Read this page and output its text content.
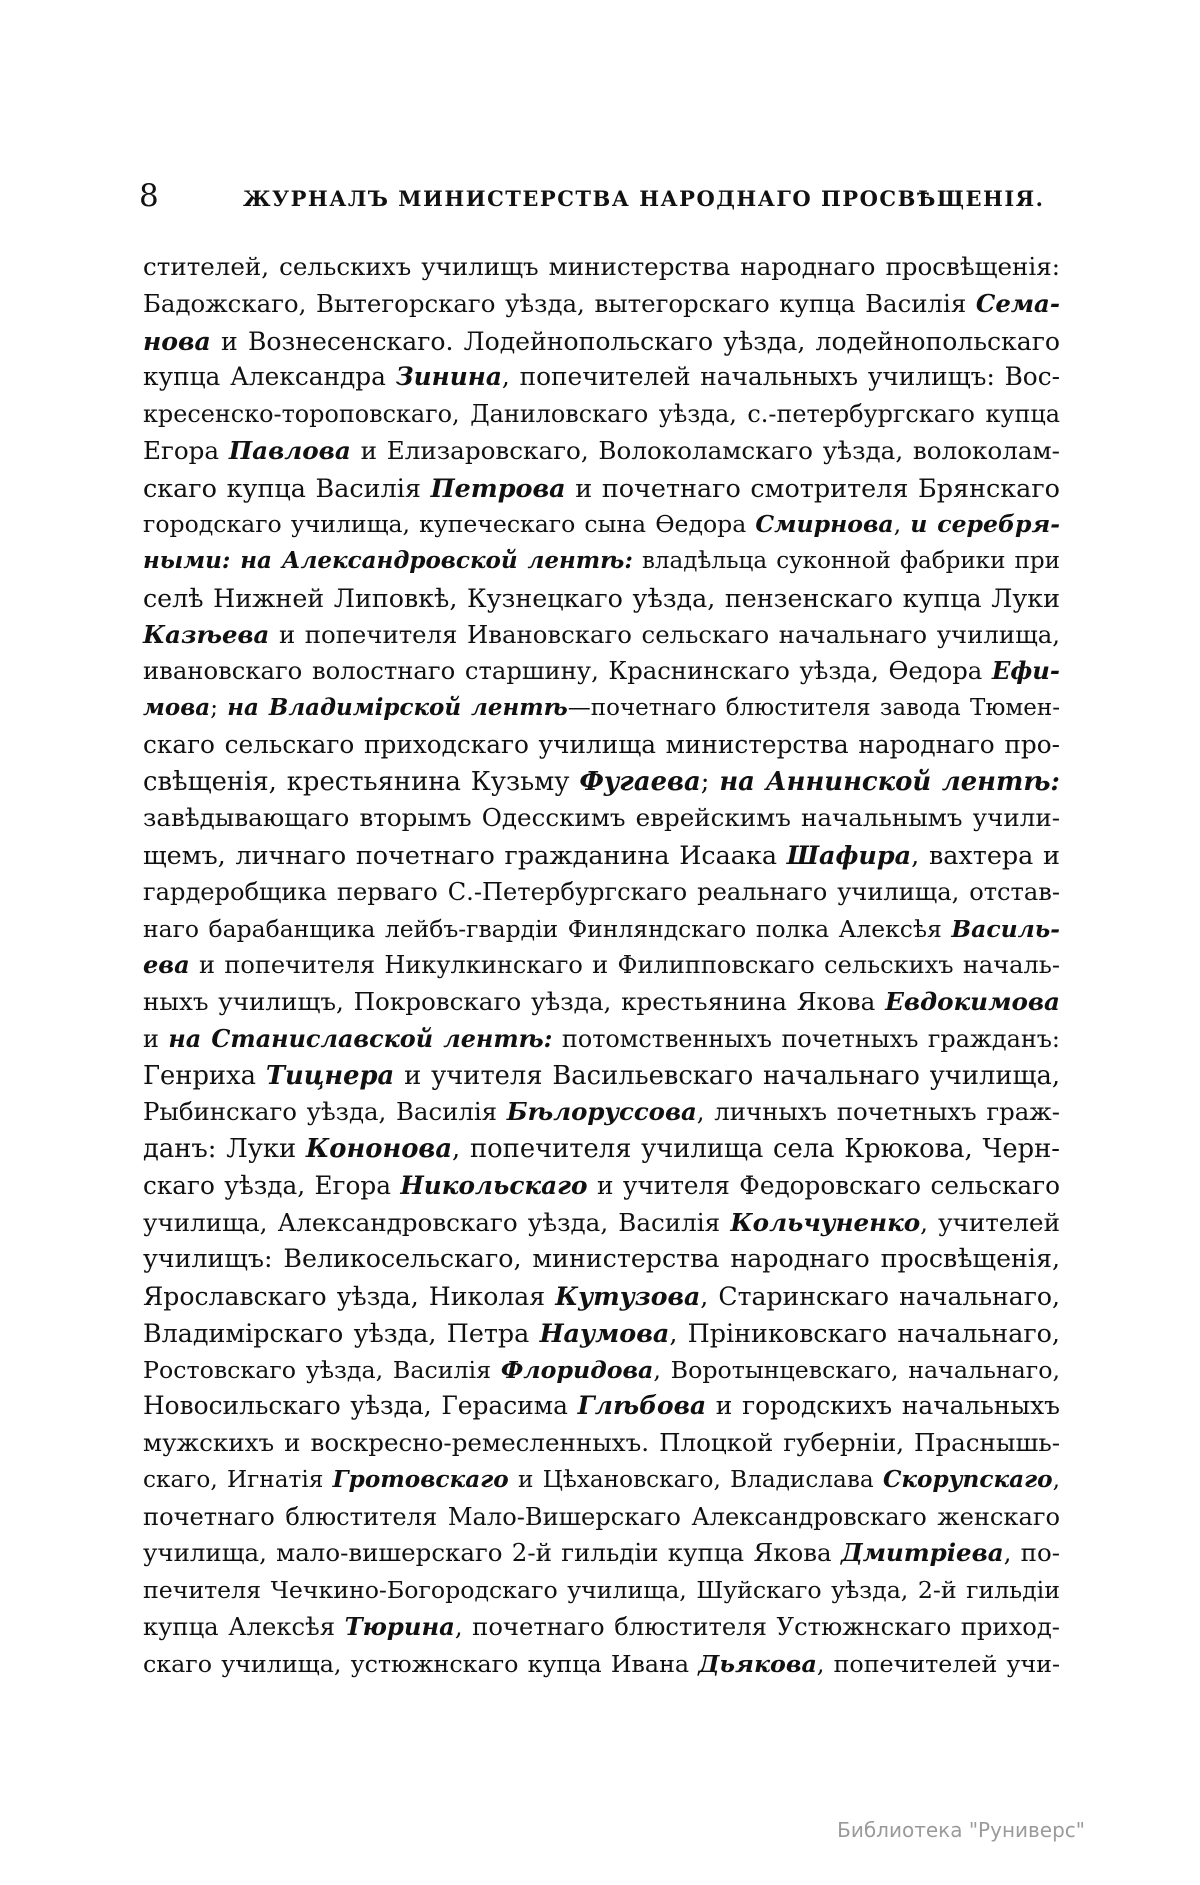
8	ЖУРНАЛЪ МИНИСТЕРСТВА НАРОДНАГО ПРОСВѢЩЕНІЯ.
стителей, сельскихъ училищъ министерства народнаго просвѣщенія:
Бадожскаго, Вытегорскаго уѣзда, вытегорскаго купца Василія Сема-
нова и Вознесенскаго. Лодейнопольскаго уѣзда, лодейнопольскаго
купца Александра Зинина, попечителей начальныхъ училищъ: Вос-
кресенско-тороповскаго, Даниловскаго уѣзда, с.-петербургскаго купца
Егора Павлова и Елизаровскаго, Волоколамскаго уѣзда, волоколам-
скаго купца Василія Петрова и почетнаго смотрителя Брянскаго
городскаго училища, купеческаго сына Ѳедора Смирнова, и серебря-
ными: на Александровской лентѣ: владѣльца суконной фабрики при
селѣ Нижней Липовкѣ, Кузнецкаго уѣзда, пензенскаго купца Луки
Казѣева и попечителя Ивановскаго сельскаго начальнаго училища,
ивановскаго волостнаго старшину, Краснинскаго уѣзда, Ѳедора Ефи-
мова; на Владимірской лентѣ—почетнаго блюстителя завода Тюмен-
скаго сельскаго приходскаго училища министерства народнаго про-
свѣщенія, крестьянина Кузьму Фугаева; на Аннинской лентѣ:
завѣдывающаго вторымъ Одесскимъ еврейскимъ начальнымъ учили-
щемъ, личнаго почетнаго гражданина Исаака Шафира, вахтера и
гардеробщика перваго С.-Петербургскаго реальнаго училища, отстав-
наго барабанщика лейбъ-гвардіи Финляндскаго полка Алексѣя Василь-
ева и попечителя Никулкинскаго и Филипповскаго сельскихъ началь-
ныхъ училищъ, Покровскаго уѣзда, крестьянина Якова Евдокимова
и на Станиславской лентѣ: потомственныхъ почетныхъ гражданъ:
Генриха Тицнера и учителя Васильевскаго начальнаго училища,
Рыбинскаго уѣзда, Василія Бѣлоруссова, личныхъ почетныхъ граж-
данъ: Луки Кононова, попечителя училища села Крюкова, Черн-
скаго уѣзда, Егора Никольскаго и учителя Федоровскаго сельскаго
училища, Александровскаго уѣзда, Василія Кольчуненко, учителей
училищъ: Великосельскаго, министерства народнаго просвѣщенія,
Ярославскаго уѣзда, Николая Кутузова, Старинскаго начальнаго,
Владимірскаго уѣзда, Петра Наумова, Прiниковскаго начальнаго,
Ростовскаго уѣзда, Василія Флоридова, Воротынцевскаго, начальнаго,
Новосильскаго уѣзда, Герасима Глѣбова и городскихъ начальныхъ
мужскихъ и воскресно-ремесленныхъ. Плоцкой губерніи, Праснышь-
скаго, Игнатія Гротовскаго и Цѣхановскаго, Владислава Скорупскаго,
почетнаго блюстителя Мало-Вишерскаго Александровскаго женскаго
училища, мало-вишерскаго 2-й гильдіи купца Якова Дмитріева, по-
печителя Чечкино-Богородскаго училища, Шуйскаго уѣзда, 2-й гильдіи
купца Алексѣя Тюрина, почетнаго блюстителя Устюжнскаго приход-
скаго училища, устюжнскаго купца Ивана Дьякова, попечителей учи-
Библиотека "Руниверс"
